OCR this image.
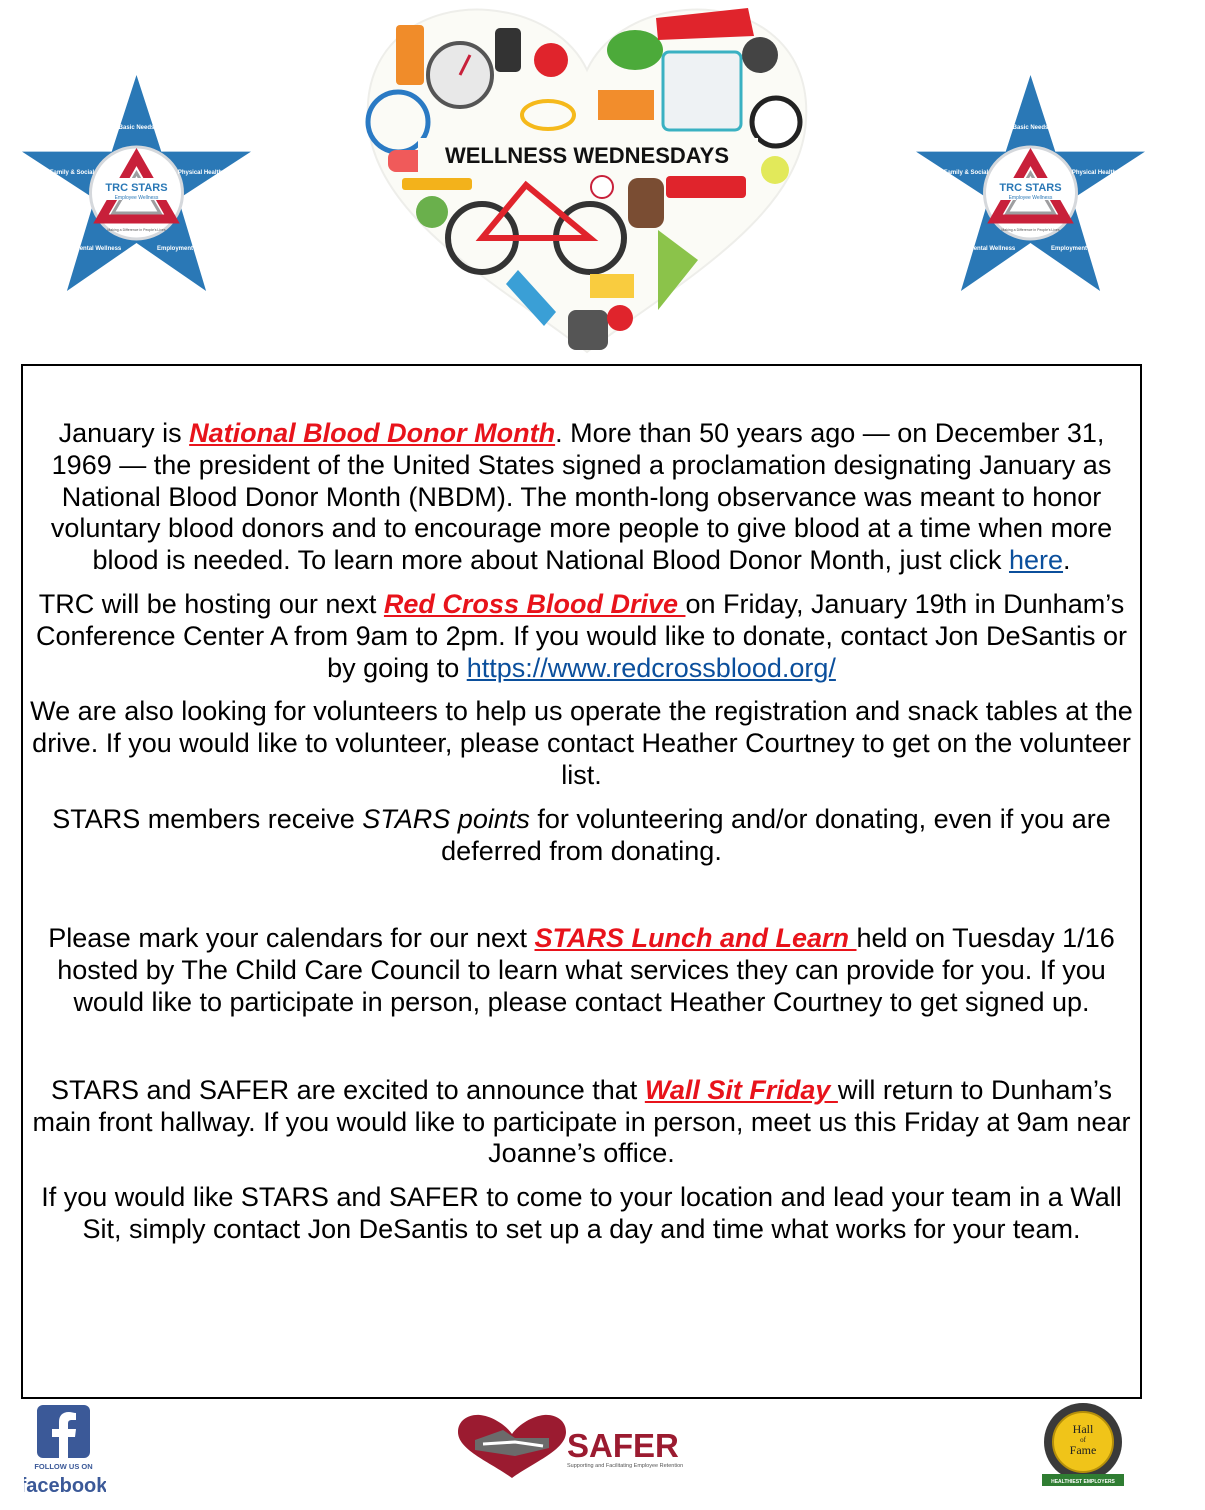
TRC STARS
Employee Wellness
Making a Difference in People's Lives
Basic Needs
Physical Health
Employment
Mental Wellness
Family & Social
WELLNESS WEDNESDAYS
TRC STARS
Employee Wellness
Making a Difference in People's Lives
Basic Needs
Physical Health
Employment
Mental Wellness
Family & Social

January is National Blood Donor Month. More than 50 years ago — on December 31, 1969 — the president of the United States signed a proclamation designating January as National Blood Donor Month (NBDM). The month-long observance was meant to honor voluntary blood donors and to encourage more people to give blood at a time when more blood is needed. To learn more about National Blood Donor Month, just click here.

TRC will be hosting our next Red Cross Blood Drive on Friday, January 19th in Dunham’s Conference Center A from 9am to 2pm. If you would like to donate, contact Jon DeSantis or by going to https://www.redcrossblood.org/

We are also looking for volunteers to help us operate the registration and snack tables at the drive. If you would like to volunteer, please contact Heather Courtney to get on the volunteer list.

STARS members receive STARS points for volunteering and/or donating, even if you are deferred from donating.

Please mark your calendars for our next STARS Lunch and Learn held on Tuesday 1/16 hosted by The Child Care Council to learn what services they can provide for you. If you would like to participate in person, please contact Heather Courtney to get signed up.

STARS and SAFER are excited to announce that Wall Sit Friday will return to Dunham’s main front hallway. If you would like to participate in person, meet us this Friday at 9am near Joanne’s office.

If you would like STARS and SAFER to come to your location and lead your team in a Wall Sit, simply contact Jon DeSantis to set up a day and time what works for your team.

FOLLOW US ON
facebook
SAFER
Supporting and Facilitating Employee Retention
Hall
of
Fame
HEALTHIEST EMPLOYERS
